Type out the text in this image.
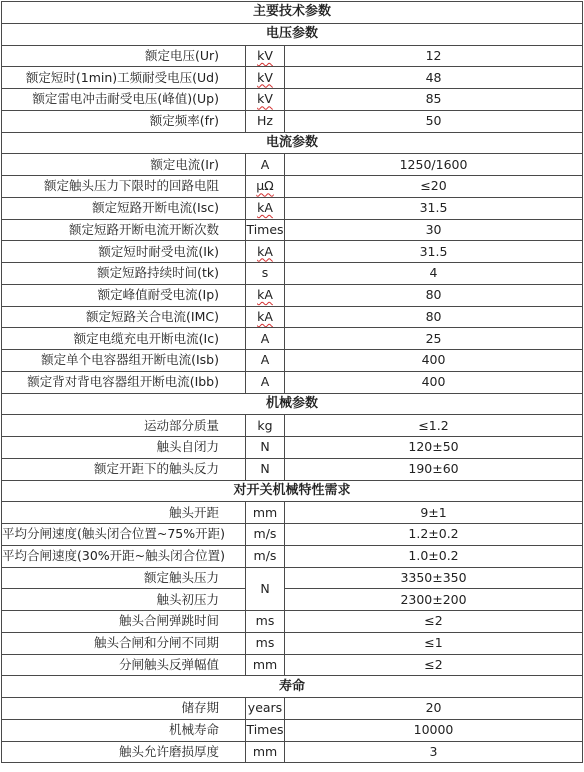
主要技术参数		
电压参数		
额定电压(Ur)	kV	12
额定短时(1min)工频耐受电压(Ud)	kV	48
额定雷电冲击耐受电压(峰值)(Up)	kV	85
额定频率(fr)	Hz	50
电流参数		
额定电流(Ir)	A	1250/1600
额定触头压力下限时的回路电阻	μΩ	≤20
额定短路开断电流(Isc)	kA	31.5
额定短路开断电流开断次数	Times	30
额定短时耐受电流(Ik)	kA	31.5
额定短路持续时间(tk)	s	4
额定峰值耐受电流(Ip)	kA	80
额定短路关合电流(IMC)	kA	80
额定电缆充电开断电流(Ic)	A	25
额定单个电容器组开断电流(Isb)	A	400
额定背对背电容器组开断电流(Ibb)	A	400
机械参数		
运动部分质量	kg	≤1.2
触头自闭力	N	120±50
额定开距下的触头反力	N	190±60
对开关机械特性需求		
触头开距	mm	9±1
平均分闸速度(触头闭合位置~75%开距)	m/s	1.2±0.2
平均合闸速度(30%开距~触头闭合位置)	m/s	1.0±0.2
额定触头压力	N	3350±350
触头初压力		2300±200
触头合闸弹跳时间	ms	≤2
触头合闸和分闸不同期	ms	≤1
分闸触头反弹幅值	mm	≤2
寿命		
储存期	years	20
机械寿命	Times	10000
触头允许磨损厚度	mm	3
